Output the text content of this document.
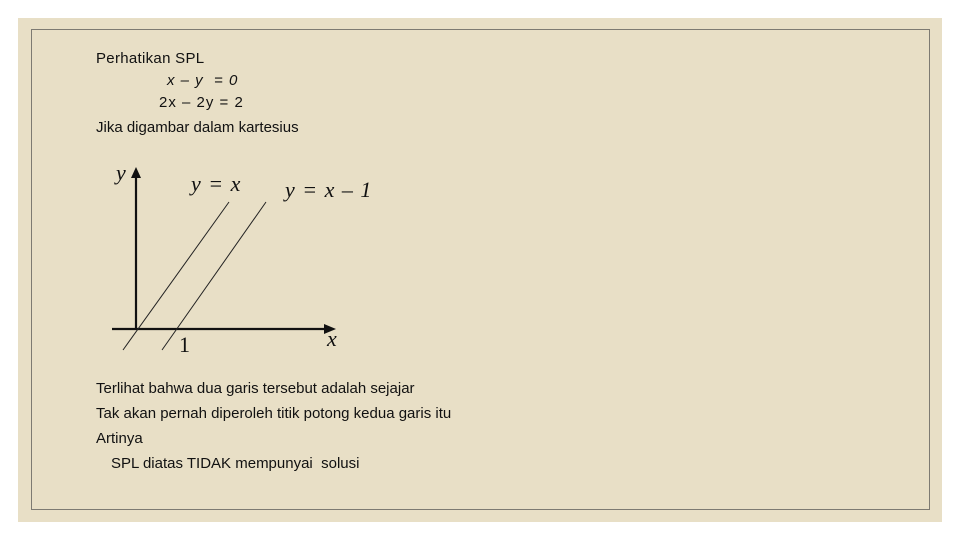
Perhatikan SPL
x – y  = 0
2x – 2y = 2
Jika digambar dalam kartesius
y	y = x y = x – 1
1	x
Terlihat bahwa dua garis tersebut adalah sejajar
Tak akan pernah diperoleh titik potong kedua garis itu
Artinya
SPL diatas TIDAK mempunyai  solusi
